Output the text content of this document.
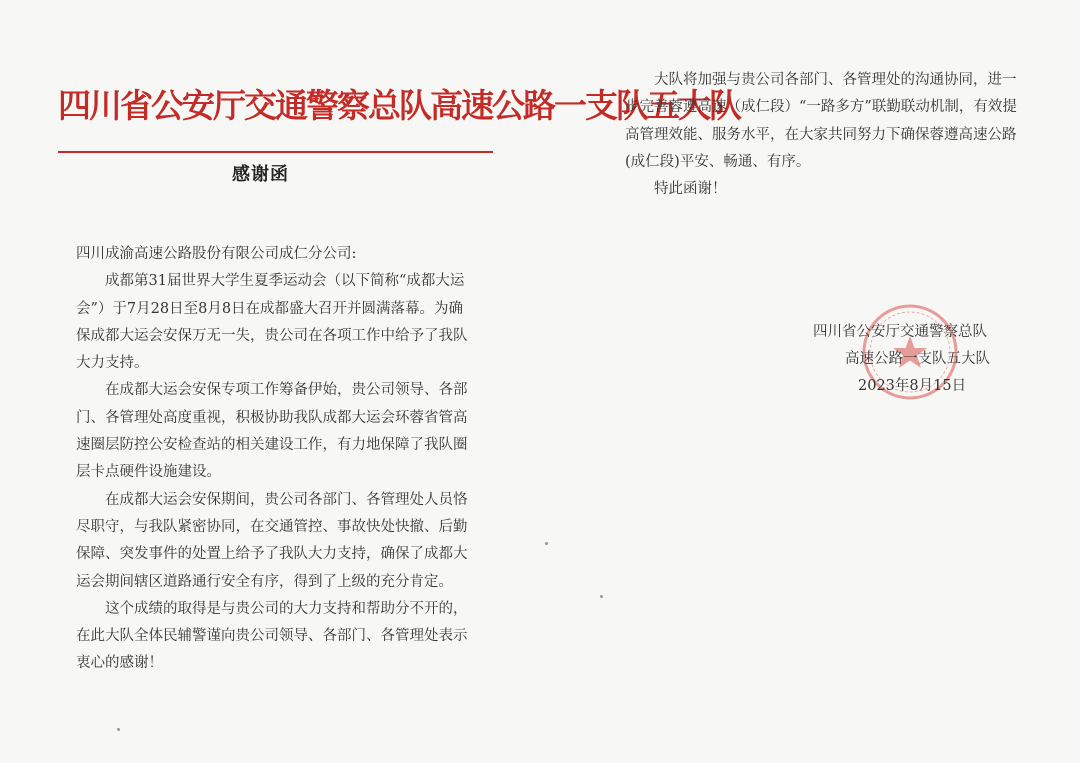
四川省公安厅交通警察总队高速公路一支队五大队
感谢函

四川成渝高速公路股份有限公司成仁分公司:

成都第31届世界大学生夏季运动会（以下简称“成都大运会”）于7月28日至8月8日在成都盛大召开并圆满落幕。为确保成都大运会安保万无一失，贵公司在各项工作中给予了我队大力支持。

在成都大运会安保专项工作筹备伊始，贵公司领导、各部门、各管理处高度重视，积极协助我队成都大运会环蓉省管高速圈层防控公安检查站的相关建设工作，有力地保障了我队圈层卡点硬件设施建设。

在成都大运会安保期间，贵公司各部门、各管理处人员恪尽职守，与我队紧密协同，在交通管控、事故快处快撤、后勤保障、突发事件的处置上给予了我队大力支持，确保了成都大运会期间辖区道路通行安全有序，得到了上级的充分肯定。

这个成绩的取得是与贵公司的大力支持和帮助分不开的，在此大队全体民辅警谨向贵公司领导、各部门、各管理处表示衷心的感谢！

大队将加强与贵公司各部门、各管理处的沟通协同，进一步完善蓉遵高速（成仁段）“一路多方”联勤联动机制，有效提高管理效能、服务水平，在大家共同努力下确保蓉遵高速公路(成仁段)平安、畅通、有序。

特此函谢！

四川省公安厅交通警察总队
高速公路一支队五大队
2023年8月15日
